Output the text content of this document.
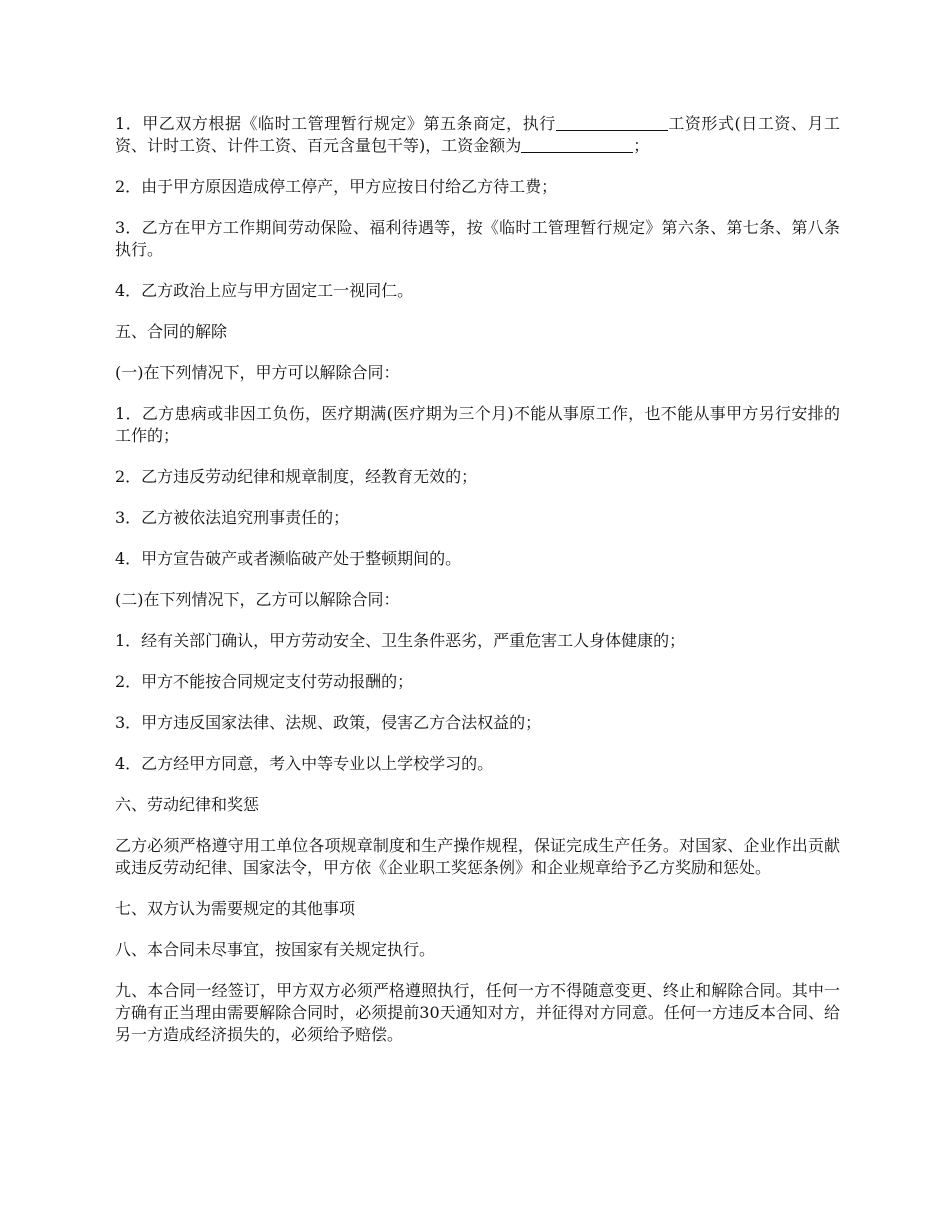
1．甲乙双方根据《临时工管理暂行规定》第五条商定，执行	工资形式(日工资、月工资、计时工资、计件工资、百元含量包干等)，工资金额为	；

2．由于甲方原因造成停工停产，甲方应按日付给乙方待工费；

3．乙方在甲方工作期间劳动保险、福利待遇等，按《临时工管理暂行规定》第六条、第七条、第八条执行。

4．乙方政治上应与甲方固定工一视同仁。

五、合同的解除

(一)在下列情况下，甲方可以解除合同：

1．乙方患病或非因工负伤，医疗期满(医疗期为三个月)不能从事原工作，也不能从事甲方另行安排的工作的；

2．乙方违反劳动纪律和规章制度，经教育无效的；

3．乙方被依法追究刑事责任的；

4．甲方宣告破产或者濒临破产处于整顿期间的。

(二)在下列情况下，乙方可以解除合同：

1．经有关部门确认，甲方劳动安全、卫生条件恶劣，严重危害工人身体健康的；

2．甲方不能按合同规定支付劳动报酬的；

3．甲方违反国家法律、法规、政策，侵害乙方合法权益的；

4．乙方经甲方同意，考入中等专业以上学校学习的。

六、劳动纪律和奖惩

乙方必须严格遵守用工单位各项规章制度和生产操作规程，保证完成生产任务。对国家、企业作出贡献或违反劳动纪律、国家法令，甲方依《企业职工奖惩条例》和企业规章给予乙方奖励和惩处。

七、双方认为需要规定的其他事项

八、本合同未尽事宜，按国家有关规定执行。

九、本合同一经签订，甲方双方必须严格遵照执行，任何一方不得随意变更、终止和解除合同。其中一方确有正当理由需要解除合同时，必须提前30天通知对方，并征得对方同意。任何一方违反本合同、给另一方造成经济损失的，必须给予赔偿。
